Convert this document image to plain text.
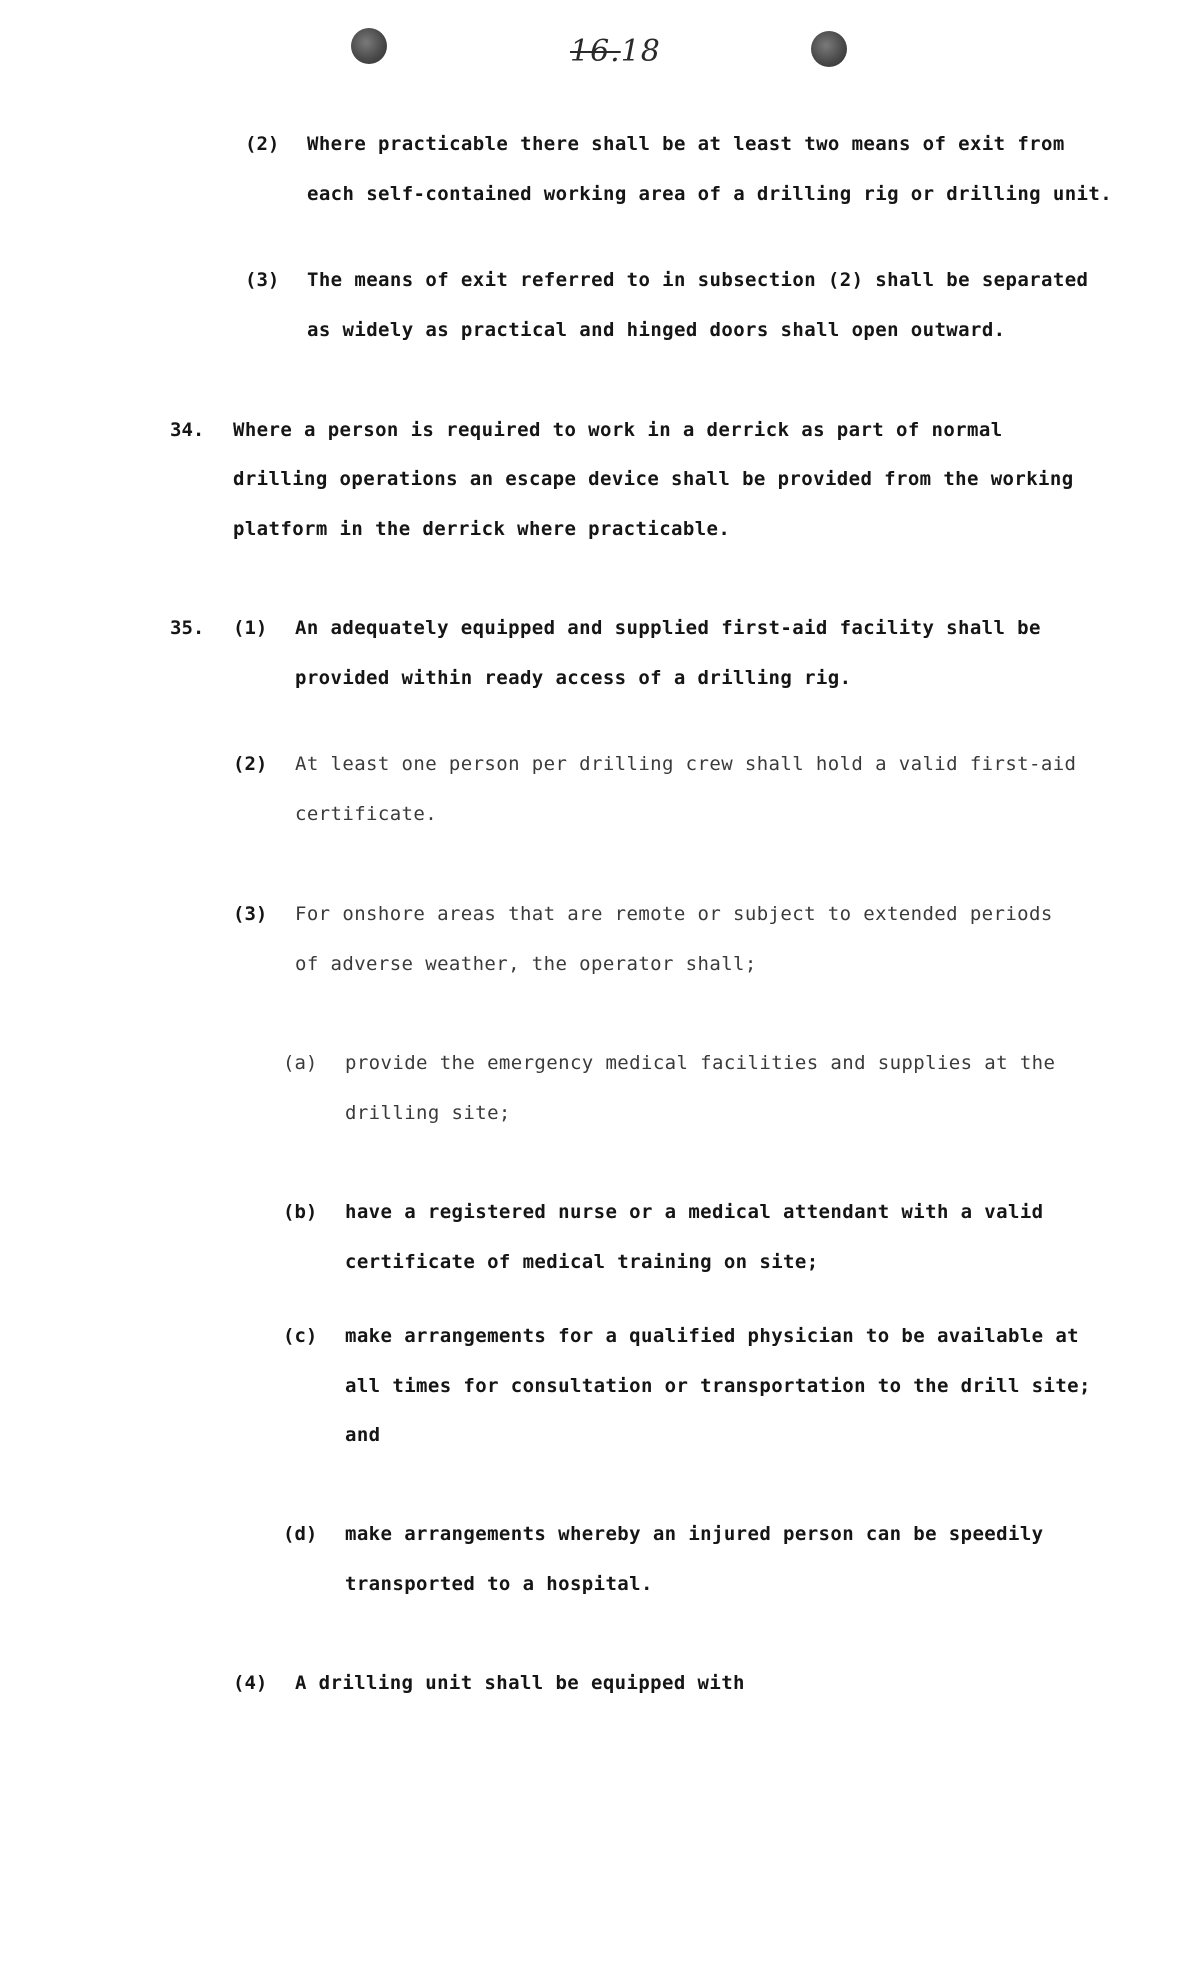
16.18
(2) Where practicable there shall be at least two means of exit from
each self-contained working area of a drilling rig or drilling unit.
(3) The means of exit referred to in subsection (2) shall be separated
as widely as practical and hinged doors shall open outward.
34. Where a person is required to work in a derrick as part of normal
drilling operations an escape device shall be provided from the working
platform in the derrick where practicable.
35. (1) An adequately equipped and supplied first-aid facility shall be
provided within ready access of a drilling rig.
(2) At least one person per drilling crew shall hold a valid first-aid
certificate.
(3) For onshore areas that are remote or subject to extended periods
of adverse weather, the operator shall;
(a) provide the emergency medical facilities and supplies at the
drilling site;
(b) have a registered nurse or a medical attendant with a valid
certificate of medical training on site;
(c) make arrangements for a qualified physician to be available at
all times for consultation or transportation to the drill site;
and
(d) make arrangements whereby an injured person can be speedily
transported to a hospital.
(4) A drilling unit shall be equipped with
